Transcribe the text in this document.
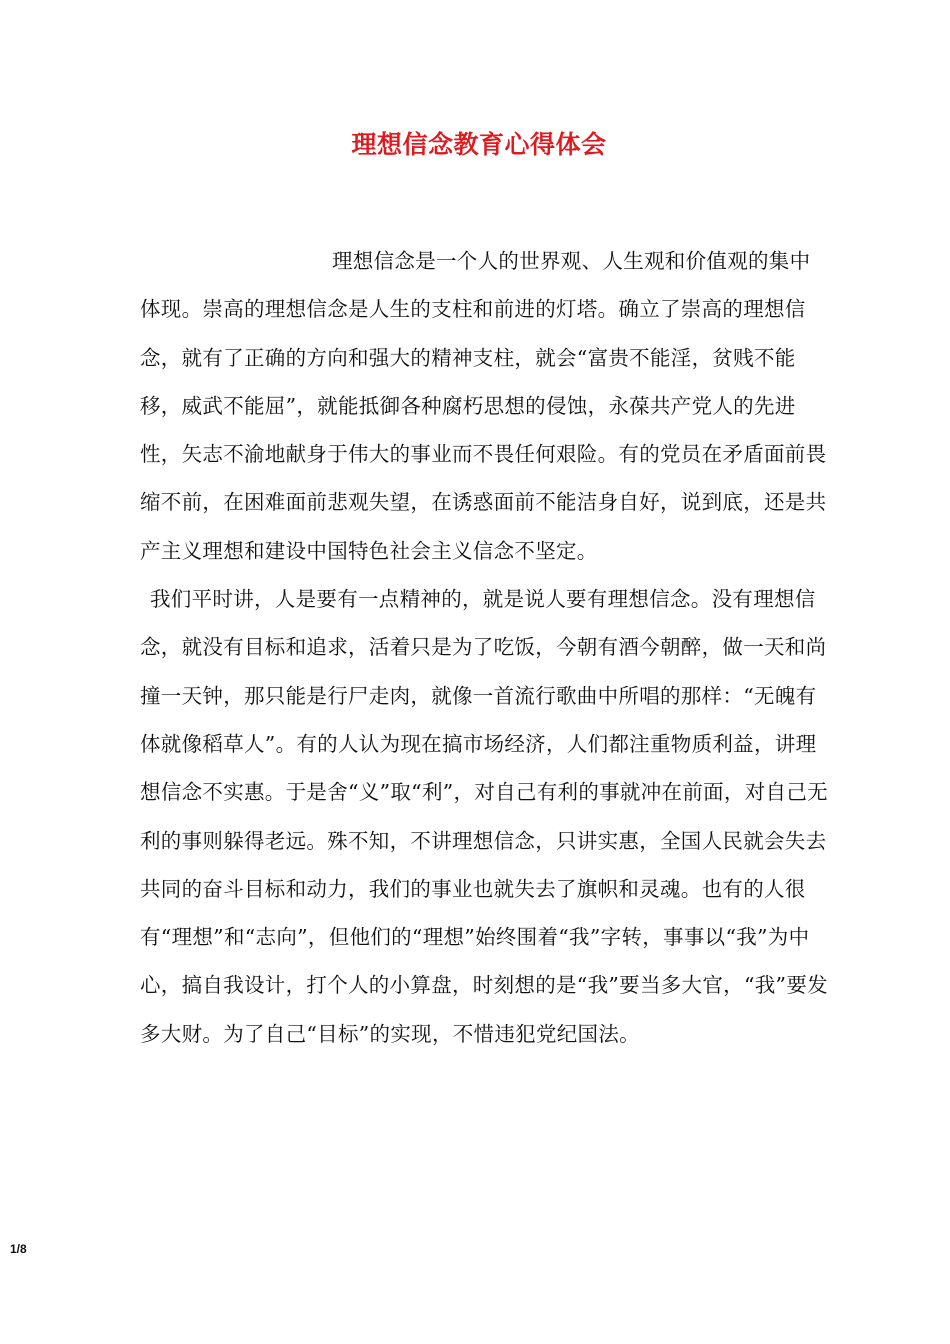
理想信念教育心得体会

理想信念是一个人的世界观、人生观和价值观的集中体现。崇高的理想信念是人生的支柱和前进的灯塔。确立了崇高的理想信念，就有了正确的方向和强大的精神支柱，就会“富贵不能淫，贫贱不能移，威武不能屈”，就能抵御各种腐朽思想的侵蚀，永葆共产党人的先进性，矢志不渝地献身于伟大的事业而不畏任何艰险。有的党员在矛盾面前畏缩不前，在困难面前悲观失望，在诱惑面前不能洁身自好，说到底，还是共产主义理想和建设中国特色社会主义信念不坚定。

我们平时讲，人是要有一点精神的，就是说人要有理想信念。没有理想信念，就没有目标和追求，活着只是为了吃饭，今朝有酒今朝醉，做一天和尚撞一天钟，那只能是行尸走肉，就像一首流行歌曲中所唱的那样：“无魄有体就像稻草人”。有的人认为现在搞市场经济，人们都注重物质利益，讲理想信念不实惠。于是舍“义”取“利”，对自己有利的事就冲在前面，对自己无利的事则躲得老远。殊不知，不讲理想信念，只讲实惠，全国人民就会失去共同的奋斗目标和动力，我们的事业也就失去了旗帜和灵魂。也有的人很有“理想”和“志向”，但他们的“理想”始终围着“我”字转，事事以“我”为中心，搞自我设计，打个人的小算盘，时刻想的是“我”要当多大官，“我”要发多大财。为了自己“目标”的实现，不惜违犯党纪国法。

1/8
